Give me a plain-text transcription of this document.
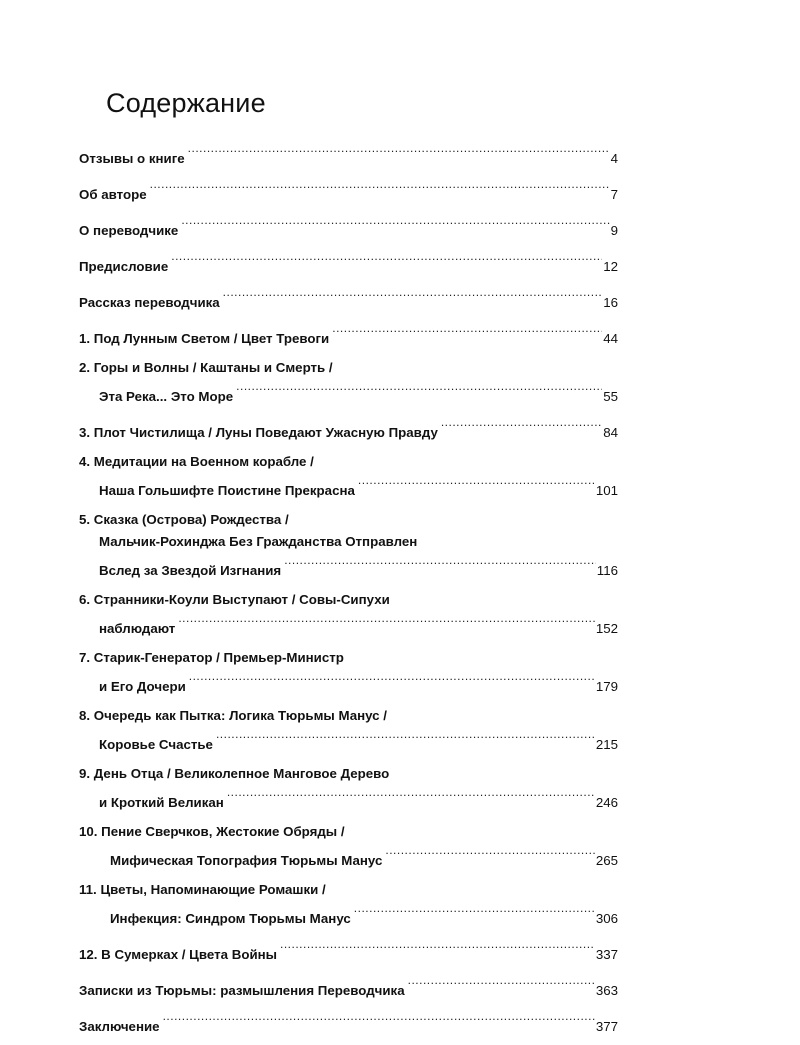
Содержание
Отзывы о книге .....	4
Об авторе .....	7
О переводчике .....	9
Предисловие .....	12
Рассказ переводчика .....	16
1. Под Лунным Светом / Цвет Тревоги .....	44
2. Горы и Волны / Каштаны и Смерть /
Эта Река... Это Море .....	55
3. Плот Чистилища / Луны Поведают Ужасную Правду .....	84
4. Медитации на Военном корабле /
Наша Гольшифте Поистине Прекрасна .....	101
5. Сказка (Острова) Рождества /
Мальчик-Рохинджа Без Гражданства Отправлен
Вслед за Звездой Изгнания .....	116
6. Странники-Коули Выступают / Совы-Сипухи
наблюдают .....	152
7. Старик-Генератор / Премьер-Министр
и Его Дочери .....	179
8. Очередь как Пытка: Логика Тюрьмы Манус /
Коровье Счастье .....	215
9. День Отца / Великолепное Манговое Дерево
и Кроткий Великан .....	246
10. Пение Сверчков, Жестокие Обряды /
Мифическая Топография Тюрьмы Манус .....	265
11. Цветы, Напоминающие Ромашки /
Инфекция: Синдром Тюрьмы Манус .....	306
12. В Сумерках / Цвета Войны .....	337
Записки из Тюрьмы: размышления Переводчика .....	363
Заключение .....	377
